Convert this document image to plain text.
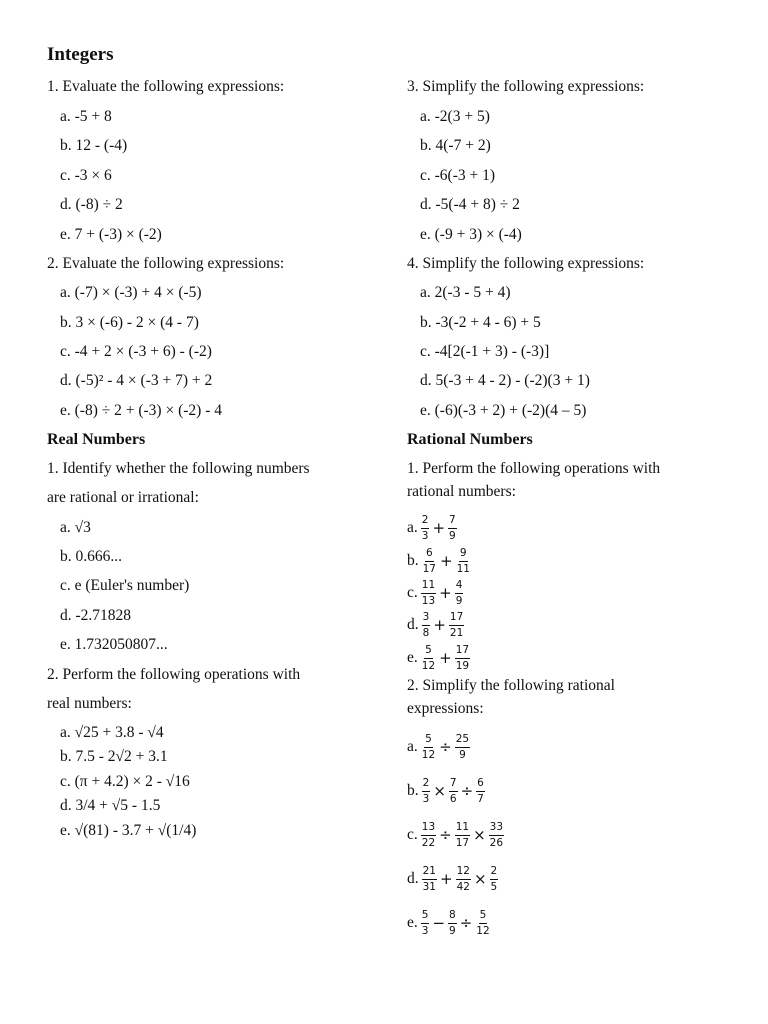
Integers
1. Evaluate the following expressions:
a. -5 + 8
b. 12 - (-4)
c. -3 × 6
d. (-8) ÷ 2
e. 7 + (-3) × (-2)
2. Evaluate the following expressions:
a. (-7) × (-3) + 4 × (-5)
b. 3 × (-6) - 2 × (4 - 7)
c. -4 + 2 × (-3 + 6) - (-2)
d. (-5)² - 4 × (-3 + 7) + 2
e. (-8) ÷ 2 + (-3) × (-2) - 4
3. Simplify the following expressions:
a. -2(3 + 5)
b. 4(-7 + 2)
c. -6(-3 + 1)
d. -5(-4 + 8) ÷ 2
e. (-9 + 3) × (-4)
4. Simplify the following expressions:
a. 2(-3 - 5 + 4)
b. -3(-2 + 4 - 6) + 5
c. -4[2(-1 + 3) - (-3)]
d. 5(-3 + 4 - 2) - (-2)(3 + 1)
e. (-6)(-3 + 2) + (-2)(4 – 5)
Real Numbers
1. Identify whether the following numbers
are rational or irrational:
a. √3
b. 0.666...
c. e (Euler's number)
d. -2.71828
e. 1.732050807...
2. Perform the following operations with
real numbers:
a. √25 + 3.8 - √4
b. 7.5 - 2√2 + 3.1
c. (π + 4.2) × 2 - √16
d. 3/4 + √5 - 1.5
e. √(81) - 3.7 + √(1/4)
Rational Numbers
1. Perform the following operations with
rational numbers:
a. $\frac{2}{3} + \frac{7}{9}$
b. $\frac{6}{17} + \frac{9}{11}$
c. $\frac{11}{13} + \frac{4}{9}$
d. $\frac{3}{8} + \frac{17}{21}$
e. $\frac{5}{12} + \frac{17}{19}$
2. Simplify the following rational
expressions:
a. $\frac{5}{12} \div \frac{25}{9}$
b. $\frac{2}{3} \times \frac{7}{6} \div \frac{6}{7}$
c. $\frac{13}{22} \div \frac{11}{17} \times \frac{33}{26}$
d. $\frac{21}{31} + \frac{12}{42} \times \frac{2}{5}$
e. $\frac{5}{3} - \frac{8}{9} \div \frac{5}{12}$
